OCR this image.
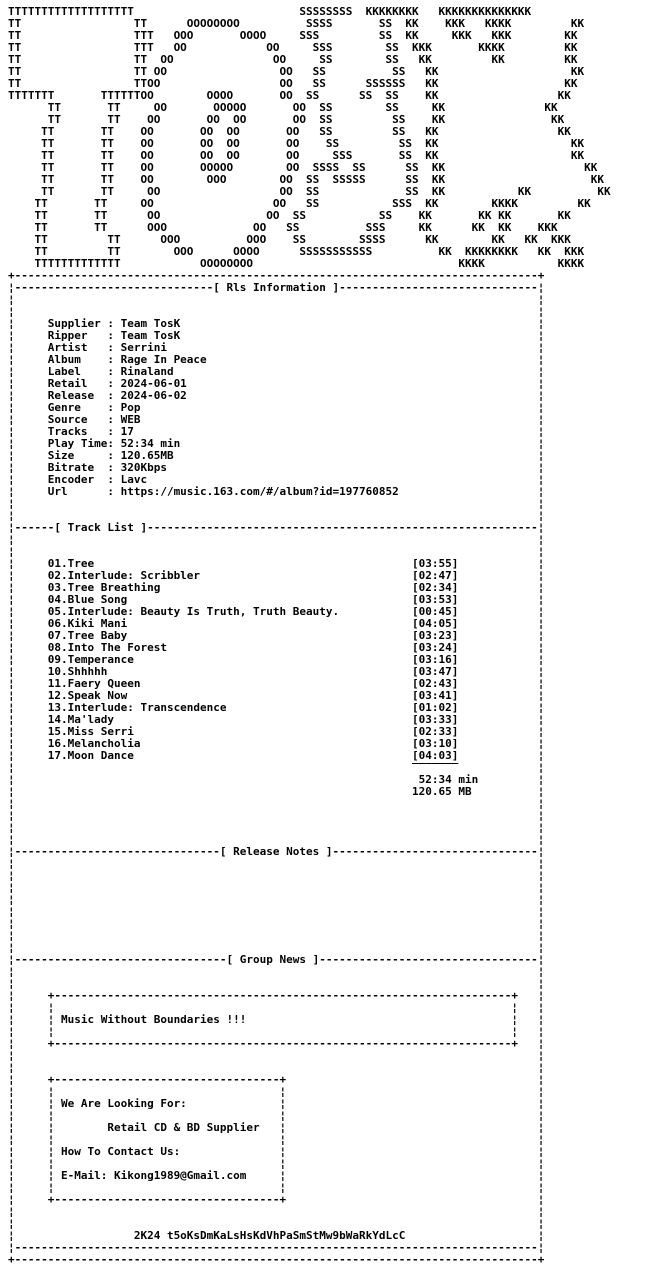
TTTTTTTTTTTTTTTTTTT                         SSSSSSSS  KKKKKKKK   KKKKKKKKKKKKKK
TT                 TT      OOOOOOOO          SSSS       SS  KK    KKK   KKKK         KK
TT                 TTT   OOO       OOOO     SSS         SS  KK     KKK   KKK        KK
TT                 TTT   OO            OO     SSS        SS  KKK       KKKK         KK
TT                 TT  OO               OO     SS        SS   KK         KK         KK
TT                 TT OO                 OO   SS          SS   KK                    KK
TT                 TTOO                  OO   SS      SSSSSS   KK                   KK
TTTTTTT       TTTTTTOO        OOOO       OO  SS      SS  SS    KK                  KK
TT       TT     OO       OOOOO       OO  SS        SS     KK               KK
TT       TT    OO       OO  OO       OO  SS         SS    KK                KK
TT       TT    OO       OO  OO       OO   SS         SS   KK                  KK
TT       TT    OO       OO  OO       OO    SS         SS  KK                    KK
TT       TT    OO       OO  OO       OO     SSS       SS  KK                    KK
TT       TT    OO       OOOOO        OO  SSSS  SS      SS  KK                     KK
TT       TT    OO        OOO        OO  SS  SSSSS      SS  KK                      KK
TT       TT     OO                  OO  SS             SS  KK           KK          KK
TT       TT     OO                  OO   SS           SSS  KK        KKKK         KK
TT       TT      OO                OO  SS           SS    KK       KK KK       KK
TT       TT      OOO             OO   SS          SSS     KK      KK  KK    KKK
TT         TT      OOO          OOO    SS        SSSS      KK        KK   KK  KKK
TT         TT        OOO      OOOO      SSSSSSSSSSS          KK  KKKKKKKK   KK  KKK
TTTTTTTTTTTTT            OOOOOOOO                               KKKK           KKKK
+-------------------------------------------------------------------------------+
¦------------------------------[ Rls Information ]------------------------------¦
¦                                                                               ¦
¦                                                                               ¦
¦     Supplier : Team TosK                                                      ¦
¦     Ripper   : Team TosK                                                      ¦
¦     Artist   : Serrini                                                        ¦
¦     Album    : Rage In Peace                                                  ¦
¦     Label    : Rinaland                                                       ¦
¦     Retail   : 2024-06-01                                                     ¦
¦     Release  : 2024-06-02                                                     ¦
¦     Genre    : Pop                                                            ¦
¦     Source   : WEB                                                            ¦
¦     Tracks   : 17                                                             ¦
¦     Play Time: 52:34 min                                                      ¦
¦     Size     : 120.65MB                                                       ¦
¦     Bitrate  : 320Kbps                                                        ¦
¦     Encoder  : Lavc                                                           ¦
¦     Url      : https://music.163.com/#/album?id=197760852                     ¦
¦                                                                               ¦
¦                                                                               ¦
¦------[ Track List ]-----------------------------------------------------------¦
¦                                                                               ¦
¦                                                                               ¦
¦     01.Tree                                                [03:55]            ¦
¦     02.Interlude: Scribbler                                [02:47]            ¦
¦     03.Tree Breathing                                      [02:34]            ¦
¦     04.Blue Song                                           [03:53]            ¦
¦     05.Interlude: Beauty Is Truth, Truth Beauty.           [00:45]            ¦
¦     06.Kiki Mani                                           [04:05]            ¦
¦     07.Tree Baby                                           [03:23]            ¦
¦     08.Into The Forest                                     [03:24]            ¦
¦     09.Temperance                                          [03:16]            ¦
¦     10.Shhhhh                                              [03:47]            ¦
¦     11.Faery Queen                                         [02:43]            ¦
¦     12.Speak Now                                           [03:41]            ¦
¦     13.Interlude: Transcendence                            [01:02]            ¦
¦     14.Ma'lady                                             [03:33]            ¦
¦     15.Miss Serri                                          [02:33]            ¦
¦     16.Melancholia                                         [03:10]            ¦
¦     17.Moon Dance                                          [04:03]            ¦
¦                                                            ‾‾‾‾‾‾‾            ¦
¦                                                             52:34 min         ¦
¦                                                            120.65 MB          ¦
¦                                                                               ¦
¦                                                                               ¦
¦                                                                               ¦
¦                                                                               ¦
¦-------------------------------[ Release Notes ]-------------------------------¦
¦                                                                               ¦
¦                                                                               ¦
¦                                                                               ¦
¦                                                                               ¦
¦                                                                               ¦
¦                                                                               ¦
¦                                                                               ¦
¦                                                                               ¦
¦--------------------------------[ Group News ]---------------------------------¦
¦                                                                               ¦
¦                                                                               ¦
¦     +---------------------------------------------------------------------+   ¦
¦     ¦                                                                     ¦   ¦
¦     ¦ Music Without Boundaries !!!                                        ¦   ¦
¦     ¦                                                                     ¦   ¦
¦     +---------------------------------------------------------------------+   ¦
¦                                                                               ¦
¦                                                                               ¦
¦     +----------------------------------+                                      ¦
¦     ¦                                  ¦                                      ¦
¦     ¦ We Are Looking For:              ¦                                      ¦
¦     ¦                                  ¦                                      ¦
¦     ¦        Retail CD & BD Supplier   ¦                                      ¦
¦     ¦                                  ¦                                      ¦
¦     ¦ How To Contact Us:               ¦                                      ¦
¦     ¦                                  ¦                                      ¦
¦     ¦ E-Mail: Kikong1989@Gmail.com     ¦                                      ¦
¦     ¦                                  ¦                                      ¦
¦     +----------------------------------+                                      ¦
¦                                                                               ¦
¦                                                                               ¦
¦                  2K24 t5oKsDmKaLsHsKdVhPaSmStMw9bWaRkYdLcC                    ¦
¦-------------------------------------------------------------------------------¦
+-------------------------------------------------------------------------------+
